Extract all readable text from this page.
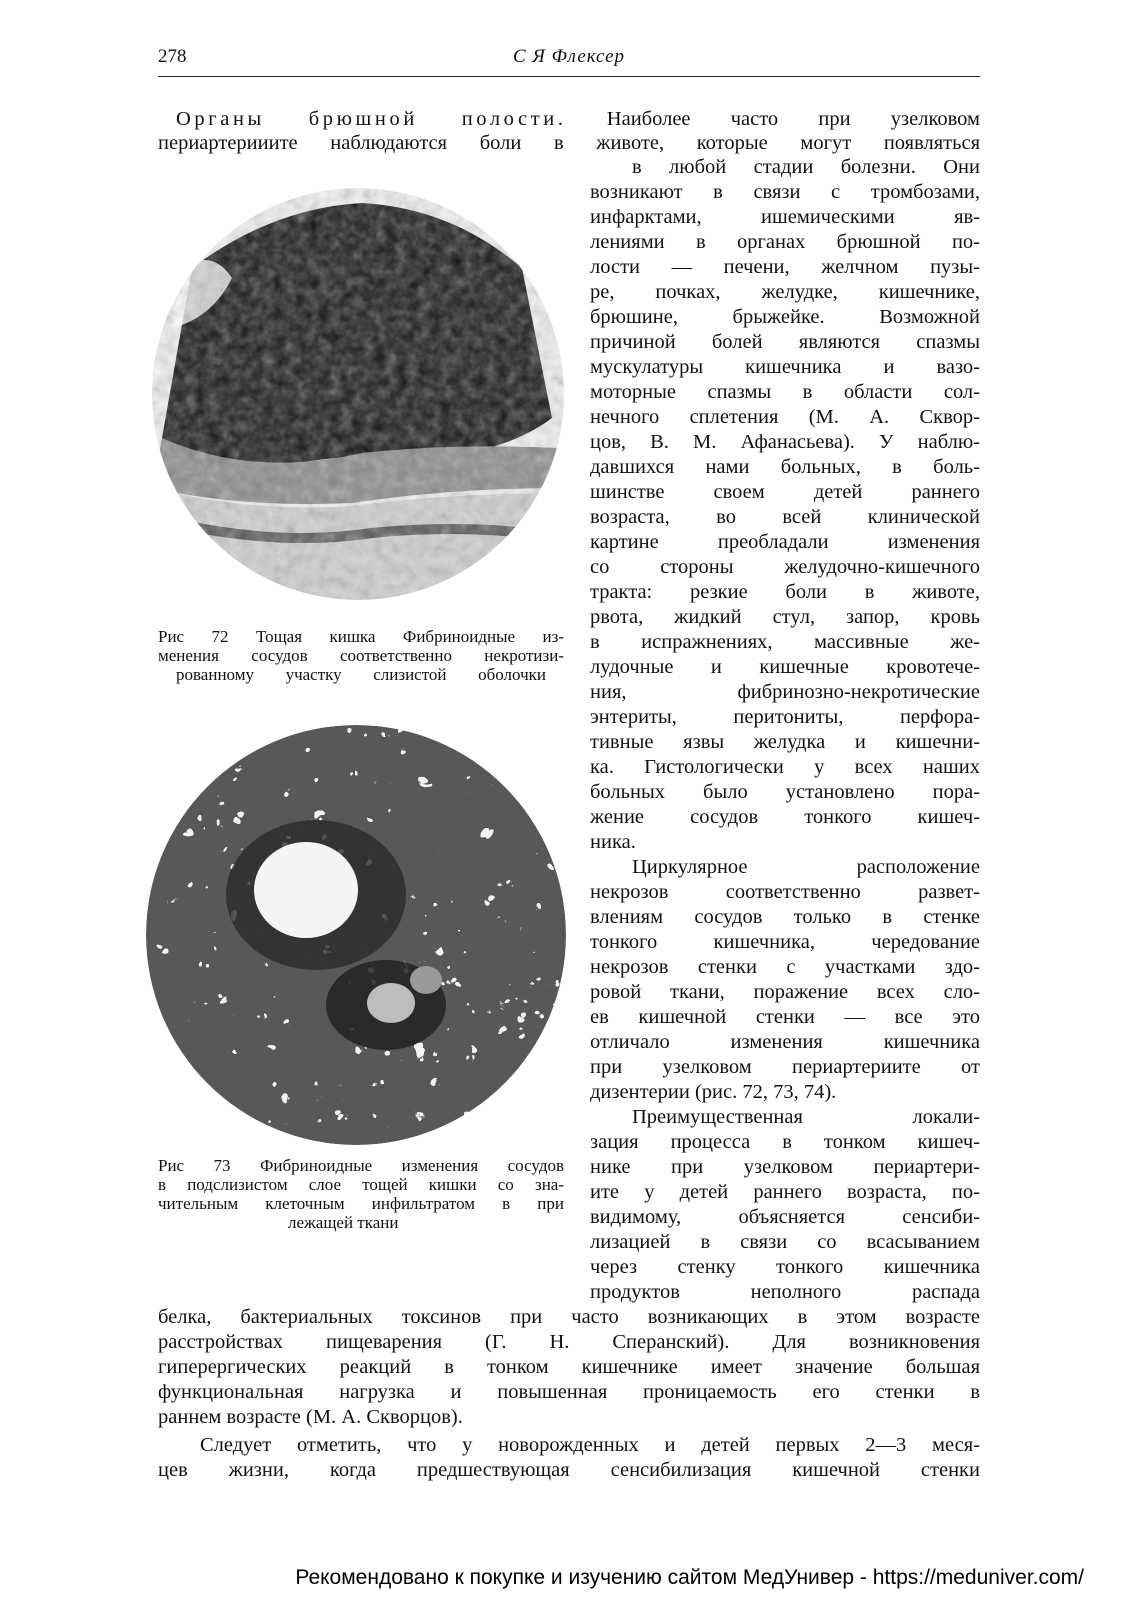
278	С Я Флексер
Органы брюшной полости. Наиболее часто при узелковом
периартерииите наблюдаются боли в животе, которые могут появляться
Рис 72 Тощая кишка Фибриноидные из-
менения сосудов соответственно некротизи-
рованному участку слизистой оболочки
Рис 73 Фибриноидные изменения сосудов
в подслизистом слое тощей кишки со зна-
чительным клеточным инфильтратом в при
лежащей ткани
в любой стадии болезни. Они
возникают в связи с тромбозами,
инфарктами, ишемическими яв-
лениями в органах брюшной по-
лости — печени, желчном пузы-
ре, почках, желудке, кишечнике,
брюшине, брыжейке. Возможной
причиной болей являются спазмы
мускулатуры кишечника и вазо-
моторные спазмы в области сол-
нечного сплетения (М. А. Сквор-
цов, В. М. Афанасьева). У наблю-
давшихся нами больных, в боль-
шинстве своем детей раннего
возраста, во всей клинической
картине преобладали изменения
со стороны желудочно-кишечного
тракта: резкие боли в животе,
рвота, жидкий стул, запор, кровь
в испражнениях, массивные же-
лудочные и кишечные кровотече-
ния, фибринозно-некротические
энтериты, перитониты, перфора-
тивные язвы желудка и кишечни-
ка. Гистологически у всех наших
больных было установлено пора-
жение сосудов тонкого кишеч-
ника.
Циркулярное расположение
некрозов соответственно развет-
влениям сосудов только в стенке
тонкого кишечника, чередование
некрозов стенки с участками здо-
ровой ткани, поражение всех сло-
ев кишечной стенки — все это
отличало изменения кишечника
при узелковом периартериите от
дизентерии (рис. 72, 73, 74).
Преимущественная локали-
зация процесса в тонком кишеч-
нике при узелковом периартери-
ите у детей раннего возраста, по-
видимому, объясняется сенсиби-
лизацией в связи со всасыванием
через стенку тонкого кишечника
продуктов неполного распада
белка, бактериальных токсинов при часто возникающих в этом возрасте
расстройствах пищеварения (Г. Н. Сперанский). Для возникновения
гиперергических реакций в тонком кишечнике имеет значение большая
функциональная нагрузка и повышенная проницаемость его стенки в
раннем возрасте (М. А. Скворцов).
Следует отметить, что у новорожденных и детей первых 2—3 меся-
цев жизни, когда предшествующая сенсибилизация кишечной стенки
Рекомендовано к покупке и изучению сайтом МедУнивер - https://meduniver.com/
